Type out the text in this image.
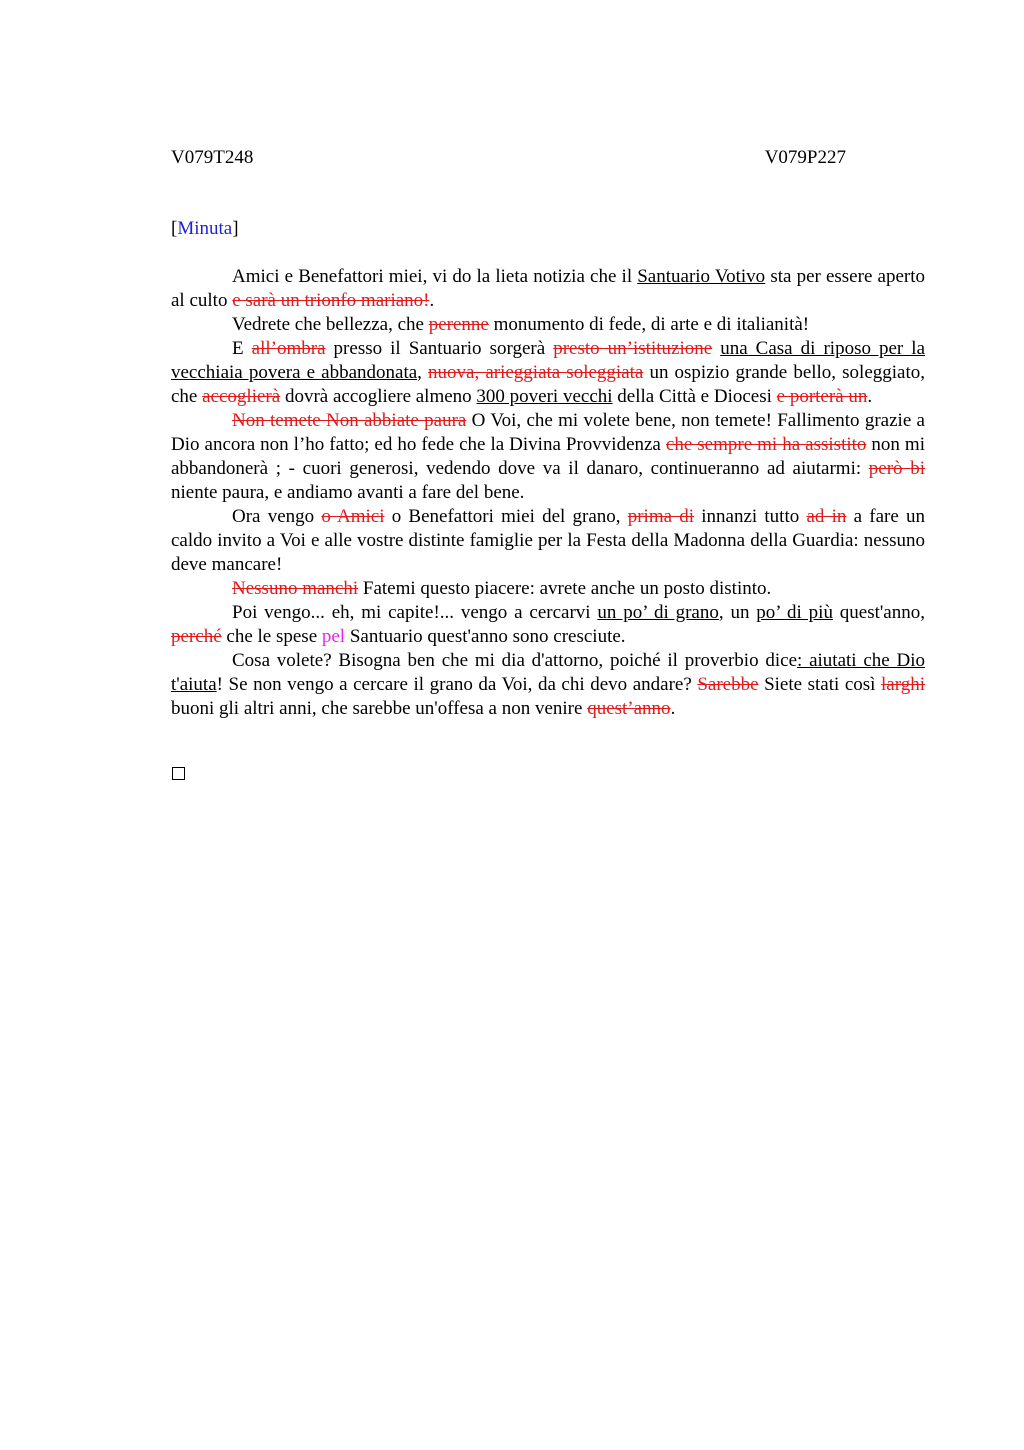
V079T248	V079P227
[Minuta]

Amici e Benefattori miei, vi do la lieta notizia che il Santuario Votivo sta per essere aperto al culto e sarà un trionfo mariano!.

Vedrete che bellezza, che perenne monumento di fede, di arte e di italianità!

E all’ombra presso il Santuario sorgerà presto un’istituzione una Casa di riposo per la vecchiaia povera e abbandonata, nuova, arieggiata soleggiata un ospizio grande bello, soleggiato, che accoglierà dovrà accogliere almeno 300 poveri vecchi della Città e Diocesi e porterà un.

Non temete Non abbiate paura O Voi, che mi volete bene, non temete! Fallimento grazie a Dio ancora non l’ho fatto; ed ho fede che la Divina Provvidenza che sempre mi ha assistito non mi abbandonerà ; - cuori generosi, vedendo dove va il danaro, continueranno ad aiutarmi: però bi niente paura, e andiamo avanti a fare del bene.

Ora vengo o Amici o Benefattori miei del grano, prima di innanzi tutto ad in a fare un caldo invito a Voi e alle vostre distinte famiglie per la Festa della Madonna della Guardia: nessuno deve mancare!

Nessuno manchi Fatemi questo piacere: avrete anche un posto distinto.

Poi vengo... eh, mi capite!... vengo a cercarvi un po’ di grano, un po’ di più quest'anno, perché che le spese pel Santuario quest'anno sono cresciute.

Cosa volete? Bisogna ben che mi dia d'attorno, poiché il proverbio dice: aiutati che Dio t'aiuta! Se non vengo a cercare il grano da Voi, da chi devo andare? Sarebbe Siete stati così larghi buoni gli altri anni, che sarebbe un'offesa a non venire quest’anno.
